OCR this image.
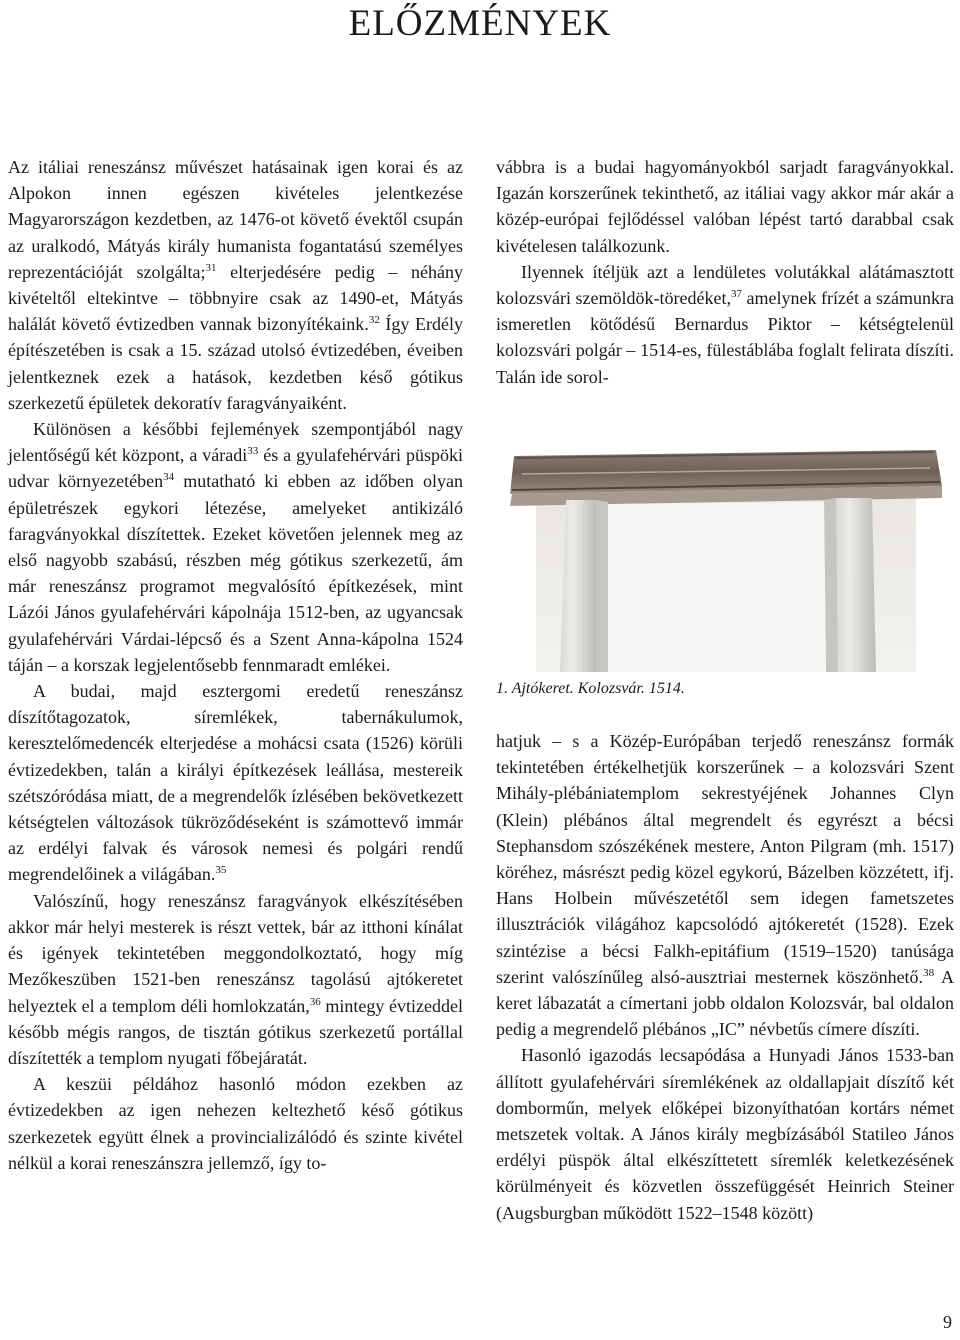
ELŐZMÉNYEK

Az itáliai reneszánsz művészet hatásainak igen korai és az Alpokon innen egészen kivételes jelentkezése Magyarországon kezdetben, az 1476-ot követő évektől csupán az uralkodó, Mátyás király humanista fogantatású személyes reprezentációját szolgálta;$^{31}$ elterjedésére pedig – néhány kivételtől eltekintve – többnyire csak az 1490-et, Mátyás halálát követő évtizedben vannak bizonyítékaink.$^{32}$ Így Erdély építészetében is csak a 15. század utolsó évtizedében, éveiben jelentkeznek ezek a hatások, kezdetben késő gótikus szerkezetű épületek dekoratív faragványaiként.

Különösen a későbbi fejlemények szempontjából nagy jelentőségű két központ, a váradi$^{33}$ és a gyulafehérvári püspöki udvar környezetében$^{34}$ mutatható ki ebben az időben olyan épületrészek egykori létezése, amelyeket antikizáló faragványokkal díszítettek. Ezeket követően jelennek meg az első nagyobb szabású, részben még gótikus szerkezetű, ám már reneszánsz programot megvalósító építkezések, mint Lázói János gyulafehérvári kápolnája 1512-ben, az ugyancsak gyulafehérvári Várdai-lépcső és a Szent Anna-kápolna 1524 táján – a korszak legjelentősebb fennmaradt emlékei.

A budai, majd esztergomi eredetű reneszánsz díszítőtagozatok, síremlékek, tabernákulumok, keresztelőmedencék elterjedése a mohácsi csata (1526) körüli évtizedekben, talán a királyi építkezések leállása, mestereik szétszóródása miatt, de a megrendelők ízlésében bekövetkezett kétségtelen változások tükröződéseként is számottevő immár az erdélyi falvak és városok nemesi és polgári rendű megrendelőinek a világában.$^{35}$

Valószínű, hogy reneszánsz faragványok elkészítésében akkor már helyi mesterek is részt vettek, bár az itthoni kínálat és igények tekintetében meggondolkoztató, hogy míg Mezőkeszüben 1521-ben reneszánsz tagolású ajtókeretet helyeztek el a templom déli homlokzatán,$^{36}$ mintegy évtizeddel később mégis rangos, de tisztán gótikus szerkezetű portállal díszítették a templom nyugati főbejáratát.

A keszüi példához hasonló módon ezekben az évtizedekben az igen nehezen keltezhető késő gótikus szerkezetek együtt élnek a provincializálódó és szinte kivétel nélkül a korai reneszánszra jellemző, így to-

vábbra is a budai hagyományokból sarjadt faragványokkal. Igazán korszerűnek tekinthető, az itáliai vagy akkor már akár a közép-európai fejlődéssel valóban lépést tartó darabbal csak kivételesen találkozunk.

Ilyennek ítéljük azt a lendületes volutákkal alátámasztott kolozsvári szemöldök-töredéket,$^{37}$ amelynek frízét a számunkra ismeretlen kötődésű Bernardus Piktor – kétségtelenül kolozsvári polgár – 1514-es, fülestáblába foglalt felirata díszíti. Talán ide sorol-

1. Ajtókeret. Kolozsvár. 1514.

hatjuk – s a Közép-Európában terjedő reneszánsz formák tekintetében értékelhetjük korszerűnek – a kolozsvári Szent Mihály-plébániatemplom sekrestyéjének Johannes Clyn (Klein) plébános által megrendelt és egyrészt a bécsi Stephansdom szószékének mestere, Anton Pilgram (mh. 1517) köréhez, másrészt pedig közel egykorú, Bázelben közzétett, ifj. Hans Holbein művészetétől sem idegen fametszetes illusztrációk világához kapcsolódó ajtókeretét (1528). Ezek szintézise a bécsi Falkh-epitáfium (1519–1520) tanúsága szerint valószínűleg alsó-ausztriai mesternek köszönhető.$^{38}$ A keret lábazatát a címertani jobb oldalon Kolozsvár, bal oldalon pedig a megrendelő plébános „IC” névbetűs címere díszíti.

Hasonló igazodás lecsapódása a Hunyadi János 1533-ban állított gyulafehérvári síremlékének az oldallapjait díszítő két domborműn, melyek előképei bizonyíthatóan kortárs német metszetek voltak. A János király megbízásából Statileo János erdélyi püspök által elkészíttetett síremlék keletkezésének körülményeit és közvetlen összefüggését Heinrich Steiner (Augsburgban működött 1522–1548 között)

9
